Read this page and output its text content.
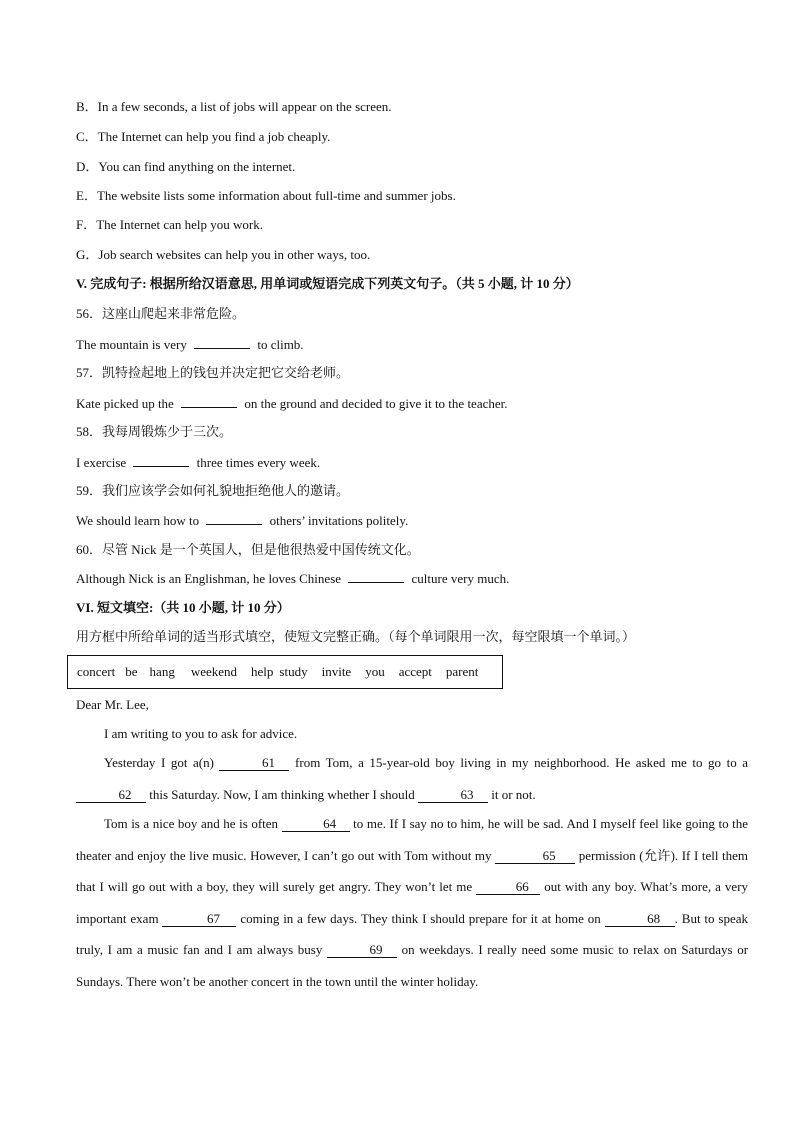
B．In a few seconds, a list of jobs will appear on the screen.
C．The Internet can help you find a job cheaply.
D．You can find anything on the internet.
E．The website lists some information about full-time and summer jobs.
F．The Internet can help you work.
G．Job search websites can help you in other ways, too.
V. 完成句子: 根据所给汉语意思, 用单词或短语完成下列英文句子。（共 5 小题, 计 10 分）
56．这座山爬起来非常危险。
The mountain is very	to climb.
57．凯特捡起地上的钱包并决定把它交给老师。
Kate picked up the	on the ground and decided to give it to the teacher.
58．我每周锻炼少于三次。
I exercise	three times every week.
59．我们应该学会如何礼貌地拒绝他人的邀请。
We should learn how to	others’ invitations politely.
60．尽管 Nick 是一个英国人，但是他很热爱中国传统文化。
Although Nick is an Englishman, he loves Chinese	culture very much.
VI. 短文填空:（共 10 小题, 计 10 分）
用方框中所给单词的适当形式填空，使短文完整正确。（每个单词限用一次，每空限填一个单词。）
concert be hang weekend help study invite you accept parent
Dear Mr. Lee,
I am writing to you to ask for advice.
Yesterday I got a(n)	61 from Tom, a 15-year-old boy living in my neighborhood. He asked me to go to a 62 this Saturday. Now, I am thinking whether I should	63 it or not.
Tom is a nice boy and he is often	64 to me. If I say no to him, he will be sad. And I myself feel like going to the theater and enjoy the live music. However, I can’t go out with Tom without my	65 permission (允许). If I tell them that I will go out with a boy, they will surely get angry. They won’t let me	66 out with any boy. What’s more, a very important exam	67 coming in a few days. They think I should prepare for it at home on	68 . But to speak truly, I am a music fan and I am always busy	69 on weekdays. I really need some music to relax on Saturdays or Sundays. There won’t be another concert in the town until the winter holiday.
